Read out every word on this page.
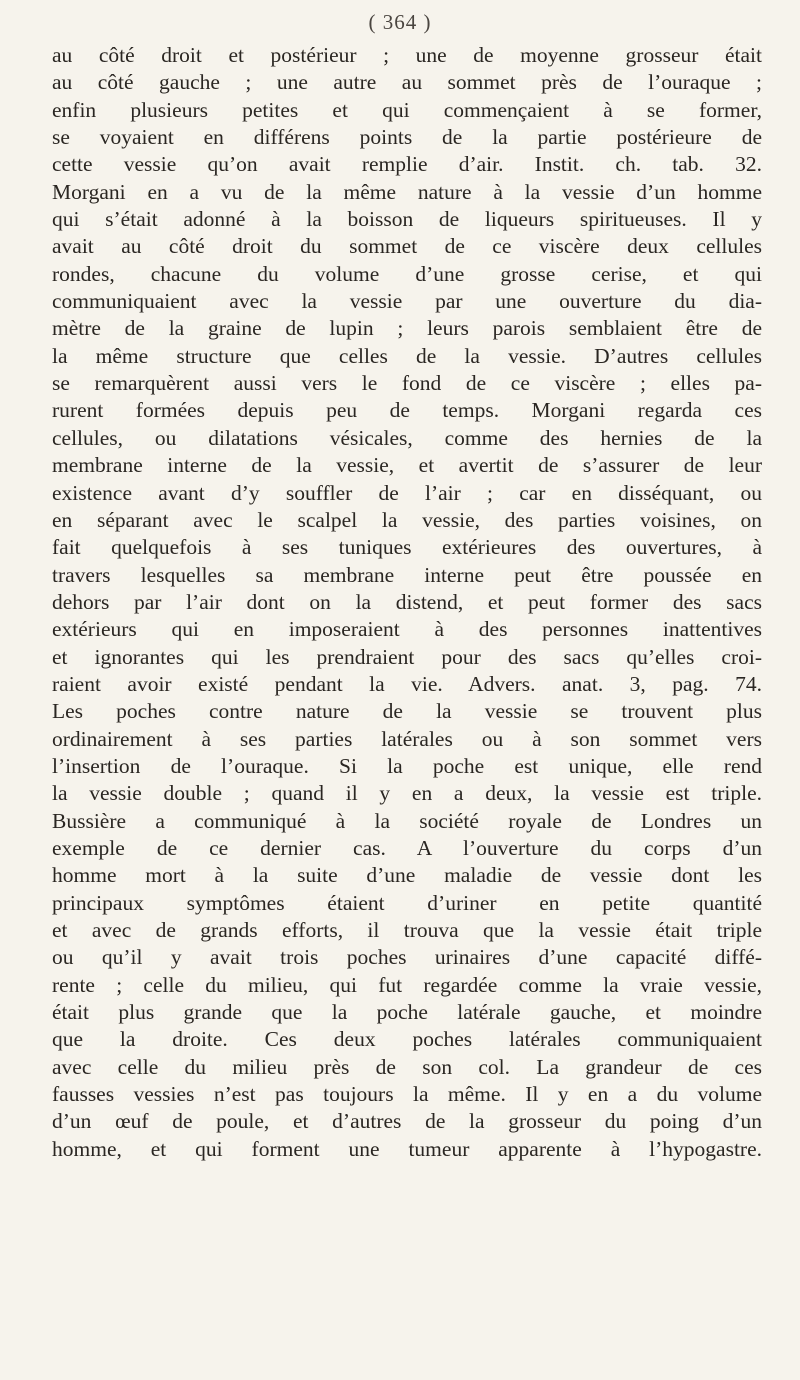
( 364 )
au côté droit et postérieur ; une de moyenne grosseur était
au côté gauche ; une autre au sommet près de l’ouraque ;
enfin plusieurs petites et qui commençaient à se former,
se voyaient en différens points de la partie postérieure de
cette vessie qu’on avait remplie d’air. Instit. ch. tab. 32.
Morgani en a vu de la même nature à la vessie d’un homme
qui s’était adonné à la boisson de liqueurs spiritueuses. Il y
avait au côté droit du sommet de ce viscère deux cellules
rondes, chacune du volume d’une grosse cerise, et qui
communiquaient avec la vessie par une ouverture du dia-
mètre de la graine de lupin ; leurs parois semblaient être de
la même structure que celles de la vessie. D’autres cellules
se remarquèrent aussi vers le fond de ce viscère ; elles pa-
rurent formées depuis peu de temps. Morgani regarda ces
cellules, ou dilatations vésicales, comme des hernies de la
membrane interne de la vessie, et avertit de s’assurer de leur
existence avant d’y souffler de l’air ; car en disséquant, ou
en séparant avec le scalpel la vessie, des parties voisines, on
fait quelquefois à ses tuniques extérieures des ouvertures, à
travers lesquelles sa membrane interne peut être poussée en
dehors par l’air dont on la distend, et peut former des sacs
extérieurs qui en imposeraient à des personnes inattentives
et ignorantes qui les prendraient pour des sacs qu’elles croi-
raient avoir existé pendant la vie. Advers. anat. 3, pag. 74.
Les poches contre nature de la vessie se trouvent plus
ordinairement à ses parties latérales ou à son sommet vers
l’insertion de l’ouraque. Si la poche est unique, elle rend
la vessie double ; quand il y en a deux, la vessie est triple.
Bussière a communiqué à la société royale de Londres un
exemple de ce dernier cas. A l’ouverture du corps d’un
homme mort à la suite d’une maladie de vessie dont les
principaux symptômes étaient d’uriner en petite quantité
et avec de grands efforts, il trouva que la vessie était triple
ou qu’il y avait trois poches urinaires d’une capacité diffé-
rente ; celle du milieu, qui fut regardée comme la vraie vessie,
était plus grande que la poche latérale gauche, et moindre
que la droite. Ces deux poches latérales communiquaient
avec celle du milieu près de son col. La grandeur de ces
fausses vessies n’est pas toujours la même. Il y en a du volume
d’un œuf de poule, et d’autres de la grosseur du poing d’un
homme, et qui forment une tumeur apparente à l’hypogastre.
